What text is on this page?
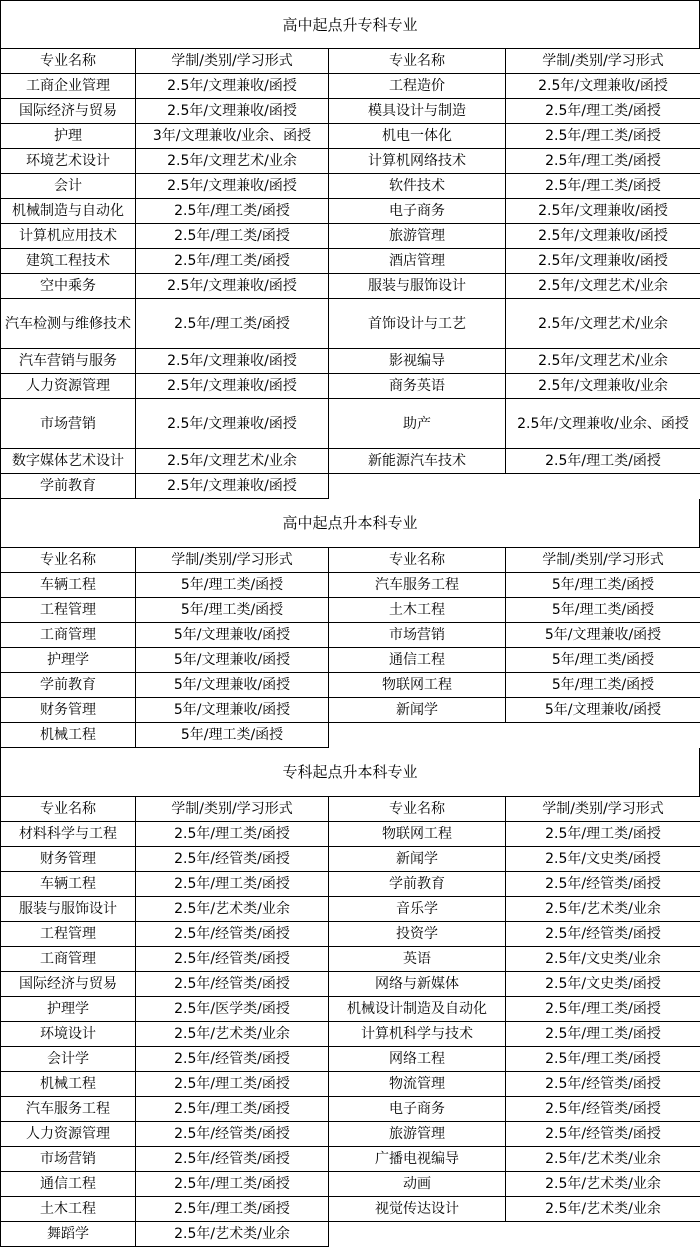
高中起点升专科专业
专业名称	学制/类别/学习形式	专业名称	学制/类别/学习形式
工商企业管理	2.5年/文理兼收/函授	工程造价	2.5年/文理兼收/函授
国际经济与贸易	2.5年/文理兼收/函授	模具设计与制造	2.5年/理工类/函授
护理	3年/文理兼收/业余、函授	机电一体化	2.5年/理工类/函授
环境艺术设计	2.5年/文理艺术/业余	计算机网络技术	2.5年/理工类/函授
会计	2.5年/文理兼收/函授	软件技术	2.5年/理工类/函授
机械制造与自动化	2.5年/理工类/函授	电子商务	2.5年/文理兼收/函授
计算机应用技术	2.5年/理工类/函授	旅游管理	2.5年/文理兼收/函授
建筑工程技术	2.5年/理工类/函授	酒店管理	2.5年/文理兼收/函授
空中乘务	2.5年/文理兼收/函授	服装与服饰设计	2.5年/文理艺术/业余
汽车检测与维修技术	2.5年/理工类/函授	首饰设计与工艺	2.5年/文理艺术/业余
汽车营销与服务	2.5年/文理兼收/函授	影视编导	2.5年/文理艺术/业余
人力资源管理	2.5年/文理兼收/函授	商务英语	2.5年/文理兼收/业余
市场营销	2.5年/文理兼收/函授	助产	2.5年/文理兼收/业余、函授
数字媒体艺术设计	2.5年/文理艺术/业余	新能源汽车技术	2.5年/理工类/函授
学前教育	2.5年/文理兼收/函授		
高中起点升本科专业
专业名称	学制/类别/学习形式	专业名称	学制/类别/学习形式
车辆工程	5年/理工类/函授	汽车服务工程	5年/理工类/函授
工程管理	5年/理工类/函授	土木工程	5年/理工类/函授
工商管理	5年/文理兼收/函授	市场营销	5年/文理兼收/函授
护理学	5年/文理兼收/函授	通信工程	5年/理工类/函授
学前教育	5年/文理兼收/函授	物联网工程	5年/理工类/函授
财务管理	5年/文理兼收/函授	新闻学	5年/文理兼收/函授
机械工程	5年/理工类/函授		
专科起点升本科专业
专业名称	学制/类别/学习形式	专业名称	学制/类别/学习形式
材料科学与工程	2.5年/理工类/函授	物联网工程	2.5年/理工类/函授
财务管理	2.5年/经管类/函授	新闻学	2.5年/文史类/函授
车辆工程	2.5年/理工类/函授	学前教育	2.5年/经管类/函授
服装与服饰设计	2.5年/艺术类/业余	音乐学	2.5年/艺术类/业余
工程管理	2.5年/经管类/函授	投资学	2.5年/经管类/函授
工商管理	2.5年/经管类/函授	英语	2.5年/文史类/业余
国际经济与贸易	2.5年/经管类/函授	网络与新媒体	2.5年/文史类/函授
护理学	2.5年/医学类/函授	机械设计制造及自动化	2.5年/理工类/函授
环境设计	2.5年/艺术类/业余	计算机科学与技术	2.5年/理工类/函授
会计学	2.5年/经管类/函授	网络工程	2.5年/理工类/函授
机械工程	2.5年/理工类/函授	物流管理	2.5年/经管类/函授
汽车服务工程	2.5年/理工类/函授	电子商务	2.5年/经管类/函授
人力资源管理	2.5年/经管类/函授	旅游管理	2.5年/经管类/函授
市场营销	2.5年/经管类/函授	广播电视编导	2.5年/艺术类/业余
通信工程	2.5年/理工类/函授	动画	2.5年/艺术类/业余
土木工程	2.5年/理工类/函授	视觉传达设计	2.5年/艺术类/业余
舞蹈学	2.5年/艺术类/业余		
